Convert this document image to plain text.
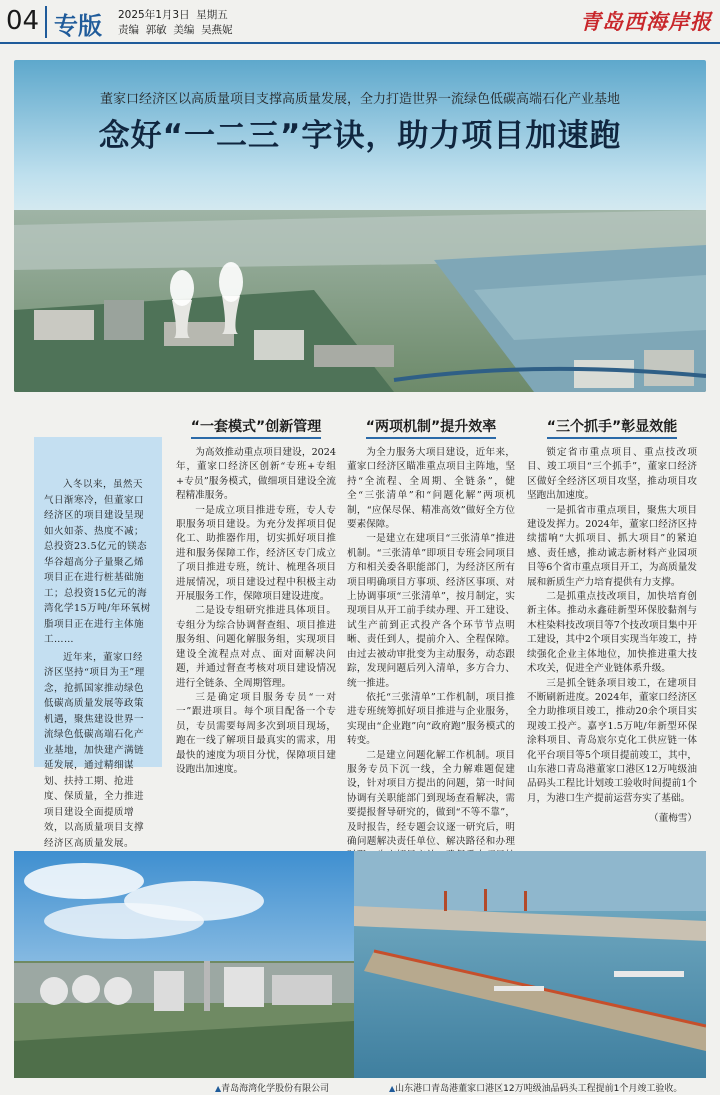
04 专版 2025年1月3日 星期五
责编 郭敏 美编 吴燕妮	青岛西海岸报
董家口经济区以高质量项目支撑高质量发展，全力打造世界一流绿色低碳高端石化产业基地
念好“一二三”字诀，助力项目加速跑

入冬以来，虽然天气日渐寒冷，但董家口经济区的项目建设呈现如火如荼、热度不减；总投资23.5亿元的镁态华谷超高分子量聚乙烯项目正在进行桩基础施工；总投资15亿元的海湾化学15万吨/年环氧树脂项目正在进行主体施工……

近年来，董家口经济区坚持“项目为王”理念，抢抓国家推动绿色低碳高质量发展等政策机遇，聚焦建设世界一流绿色低碳高端石化产业基地，加快建产满链延发展，通过精细谋划、扶持工期、抢进度、保质量，全力推进项目建设全面提质增效，以高质量项目支撑经济区高质量发展。

“一套模式”创新管理

为高效推动重点项目建设，2024年，董家口经济区创新“专班+专组+专员”服务模式，做细项目建设全流程精准服务。

一是成立项目推进专班，专人专职服务项目建设。为充分发挥项目促化工、助推器作用，切实抓好项目推进和服务保障工作，经济区专门成立了项目推进专班，统计、梳理各项目进展情况，项目建设过程中积极主动开展服务工作，保障项目建设进度。

二是设专组研究推进具体项目。专组分为综合协调督查组、项目推进服务组、问题化解服务组，实现项目建设全流程点对点、面对面解决问题，并通过督查考核对项目建设情况进行全链条、全周期管理。

三是确定项目服务专员“一对一”跟进项目。每个项目配备一个专员，专员需要每周多次到项目现场，跑在一线了解项目最真实的需求，用最快的速度为项目分忧，保障项目建设跑出加速度。

“两项机制”提升效率

为全力服务大项目建设，近年来，董家口经济区瞄准重点项目主阵地，坚持“全流程、全周期、全链条”，健全“三张清单”和“问题化解”两项机制，“应保尽保、精准高效”做好全方位要素保障。

一是建立在建项目“三张清单”推进机制。“三张清单”即项目专班会同项目方和相关委各职能部门，为经济区所有项目明确项目方事项、经济区事项、对上协调事项“三张清单”，按月制定，实现项目从开工前手续办理、开工建设、试生产前到正式投产各个环节节点明晰、责任到人，提前介入、全程保障。由过去被动审批变为主动服务，动态跟踪，发现问题后列入清单，多方合力、统一推进。

依托“三张清单”工作机制，项目推进专班统筹抓好项目推进与企业服务，实现由“企业跑”向“政府跑”服务模式的转变。

二是建立问题化解工作机制。项目服务专员下沉一线，全力解难题促建设，针对项目方提出的问题，第一时间协调有关职能部门到现场查看解决，需要提报督导研究的，做到“不等不靠”，及时报告，经专题会议逐一研究后，明确问题解决责任单位、解决路径和办理

“三个抓手”彰显效能

锁定省市重点项目、重点技改项目、竣工项目“三个抓手”，董家口经济区做好全经济区项目攻坚，推动项目攻坚跑出加速度。

一是抓省市重点项目，聚焦大项目建设发挥力。2024年，董家口经济区持续擂响“大抓项目、抓大项目”的紧迫感、责任感，推动诚志新材料产业园项目等6个省市重点项目开工，为高质量发展和新质生产力培育提供有力支撑。

二是抓重点技改项目，加快培育创新主体。推动永鑫硅新型环保胶黏剂与木柱染料技改项目等7个技改项目集中开工建设，其中2个项目实现当年竣工，持续强化企业主体地位，加快推进重大技术攻关，促进全产业链体系升级。

三是抓全链条项目竣工，在建项目不断刷新进度。2024年，董家口经济区全力助推项目竣工，推动20余个项目实现竣工投产。嘉亨1.5万吨/年新型环保涂料项目、青岛宸尔克化工供应链一体化平台项目等5个项目提前竣工，其中，山东港口青岛港董家口港区12万吨级油品码头工程比计划竣工验收时间提前1个月，为港口生产提前运营夯实了基础。

（董梅雪）
▲青岛海湾化学股份有限公司	▲山东港口青岛港董家口港区12万吨级油品码头工程提前1个月竣工验收。
